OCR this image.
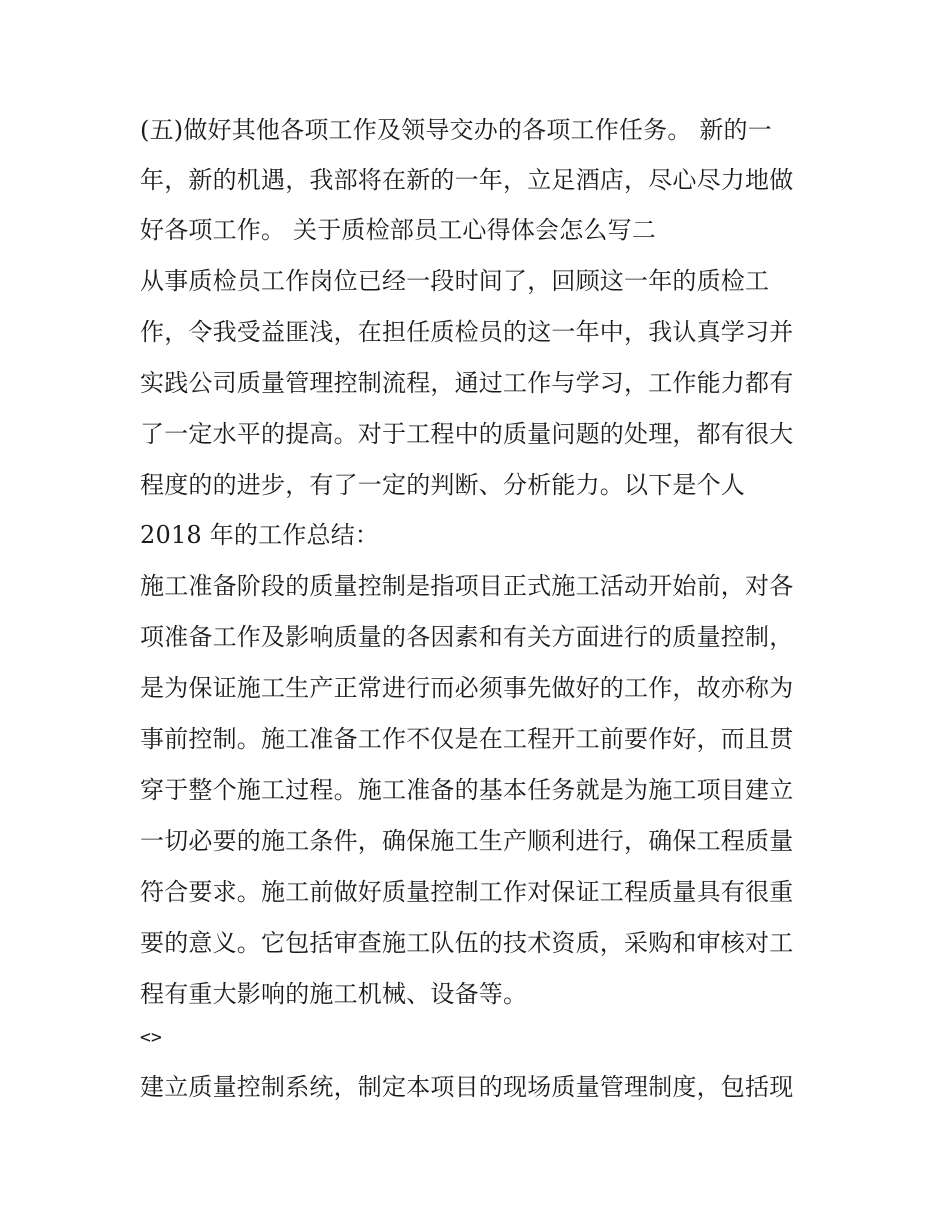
(五)做好其他各项工作及领导交办的各项工作任务。 新的一
年，新的机遇，我部将在新的一年，立足酒店，尽心尽力地做
好各项工作。 关于质检部员工心得体会怎么写二
从事质检员工作岗位已经一段时间了，回顾这一年的质检工
作，令我受益匪浅，在担任质检员的这一年中，我认真学习并
实践公司质量管理控制流程，通过工作与学习，工作能力都有
了一定水平的提高。对于工程中的质量问题的处理，都有很大
程度的的进步，有了一定的判断、分析能力。以下是个人
2018 年的工作总结：
施工准备阶段的质量控制是指项目正式施工活动开始前，对各
项准备工作及影响质量的各因素和有关方面进行的质量控制，
是为保证施工生产正常进行而必须事先做好的工作，故亦称为
事前控制。施工准备工作不仅是在工程开工前要作好，而且贯
穿于整个施工过程。施工准备的基本任务就是为施工项目建立
一切必要的施工条件，确保施工生产顺利进行，确保工程质量
符合要求。施工前做好质量控制工作对保证工程质量具有很重
要的意义。它包括审查施工队伍的技术资质，采购和审核对工
程有重大影响的施工机械、设备等。
<>
建立质量控制系统，制定本项目的现场质量管理制度，包括现
